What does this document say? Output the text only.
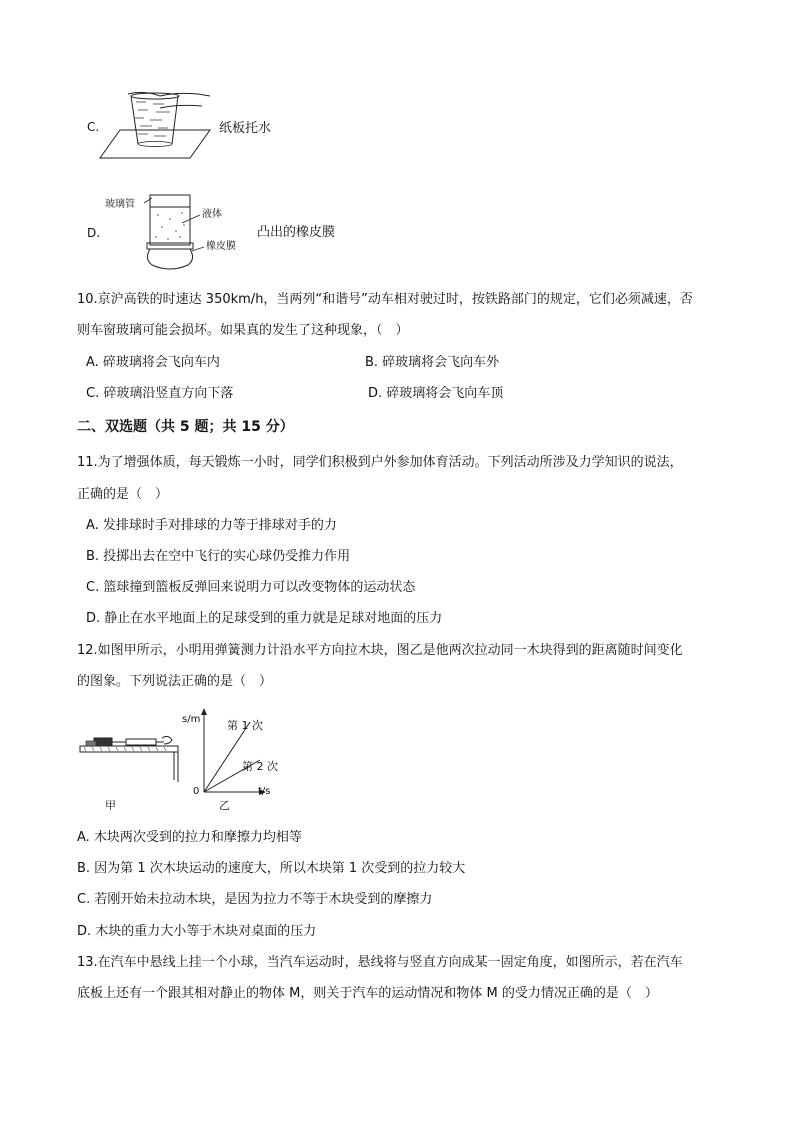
C.	纸板托水
D.
玻璃管
液体
橡皮膜
凸出的橡皮膜
10.京沪高铁的时速达 350km/h，当两列“和谐号”动车相对驶过时，按铁路部门的规定，它们必须减速，否
则车窗玻璃可能会损坏。如果真的发生了这种现象，（　）
A. 碎玻璃将会飞向车内	B. 碎玻璃将会飞向车外
C. 碎玻璃沿竖直方向下落	D. 碎玻璃将会飞向车顶
二、双选题（共 5 题；共 15 分）
11.为了增强体质，每天锻炼一小时，同学们积极到户外参加体育活动。下列活动所涉及力学知识的说法，
正确的是（　）
A. 发排球时手对排球的力等于排球对手的力
B. 投掷出去在空中飞行的实心球仍受推力作用
C. 篮球撞到篮板反弹回来说明力可以改变物体的运动状态
D. 静止在水平地面上的足球受到的重力就是足球对地面的压力
12.如图甲所示，小明用弹簧测力计沿水平方向拉木块，图乙是他两次拉动同一木块得到的距离随时间变化
的图象。下列说法正确的是（　）
甲
s/m
t/s
0
第 1 次
第 2 次
乙
A. 木块两次受到的拉力和摩擦力均相等
B. 因为第 1 次木块运动的速度大，所以木块第 1 次受到的拉力较大
C. 若刚开始未拉动木块，是因为拉力不等于木块受到的摩擦力
D. 木块的重力大小等于木块对桌面的压力
13.在汽车中悬线上挂一个小球，当汽车运动时，悬线将与竖直方向成某一固定角度，如图所示，若在汽车
底板上还有一个跟其相对静止的物体 M，则关于汽车的运动情况和物体 M 的受力情况正确的是（　）
